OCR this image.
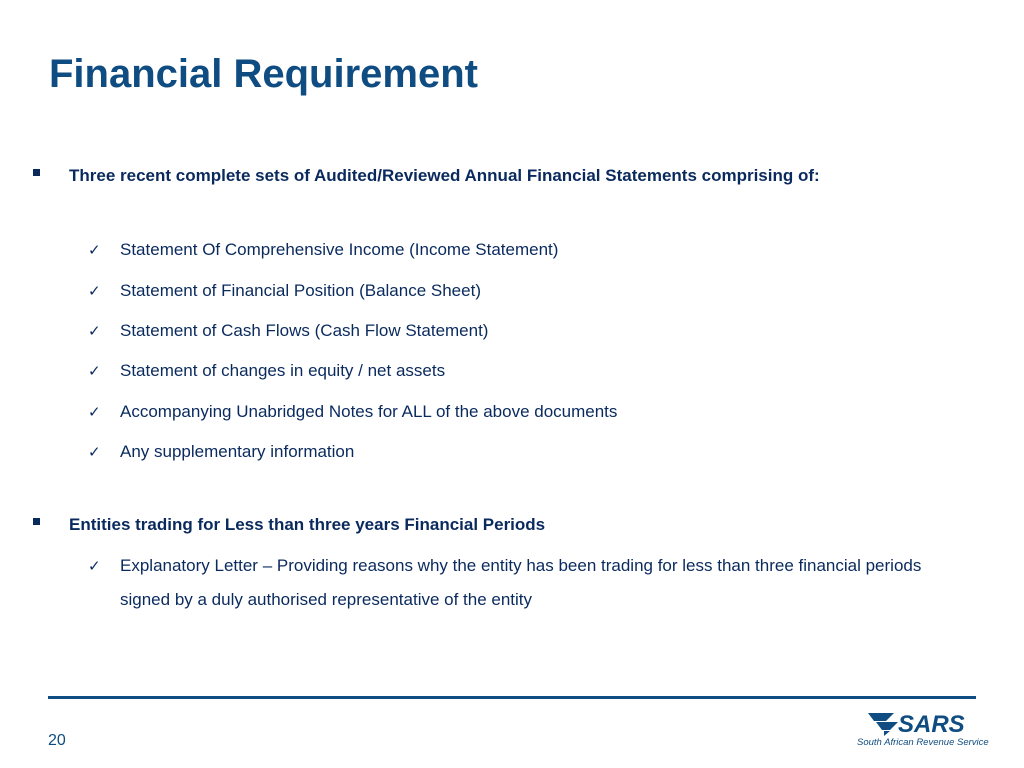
Financial Requirement
Three recent complete sets of Audited/Reviewed Annual Financial Statements comprising of:
✓	Statement Of Comprehensive Income (Income Statement)
✓	Statement of Financial Position (Balance Sheet)
✓	Statement of Cash Flows (Cash Flow Statement)
✓	Statement of changes in equity / net assets
✓	Accompanying Unabridged Notes for ALL of the above documents
✓	Any supplementary information
Entities trading for Less than three years Financial Periods
✓	Explanatory Letter – Providing reasons why the entity has been trading for less than three financial periods signed by a duly authorised representative of the entity
20
SARS
South African Revenue Service
